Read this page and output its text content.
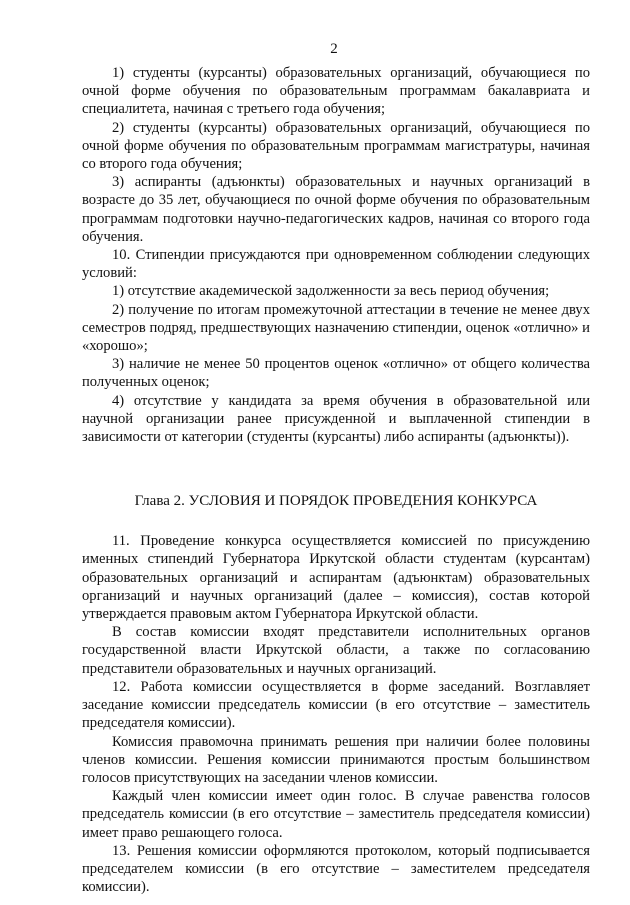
2

1) студенты (курсанты) образовательных организаций, обучающиеся по очной форме обучения по образовательным программам бакалавриата и специалитета, начиная с третьего года обучения;

2) студенты (курсанты) образовательных организаций, обучающиеся по очной форме обучения по образовательным программам магистратуры, начиная со второго года обучения;

3) аспиранты (адъюнкты) образовательных и научных организаций в возрасте до 35 лет, обучающиеся по очной форме обучения по образовательным программам подготовки научно-педагогических кадров, начиная со второго года обучения.

10. Стипендии присуждаются при одновременном соблюдении следующих условий:

1) отсутствие академической задолженности за весь период обучения;

2) получение по итогам промежуточной аттестации в течение не менее двух семестров подряд, предшествующих назначению стипендии, оценок «отлично» и «хорошо»;

3) наличие не менее 50 процентов оценок «отлично» от общего количества полученных оценок;

4) отсутствие у кандидата за время обучения в образовательной или научной организации ранее присужденной и выплаченной стипендии в зависимости от категории (студенты (курсанты) либо аспиранты (адъюнкты)).

Глава 2. УСЛОВИЯ И ПОРЯДОК ПРОВЕДЕНИЯ КОНКУРСА

11. Проведение конкурса осуществляется комиссией по присуждению именных стипендий Губернатора Иркутской области студентам (курсантам) образовательных организаций и аспирантам (адъюнктам) образовательных организаций и научных организаций (далее – комиссия), состав которой утверждается правовым актом Губернатора Иркутской области.

В состав комиссии входят представители исполнительных органов государственной власти Иркутской области, а также по согласованию представители образовательных и научных организаций.

12. Работа комиссии осуществляется в форме заседаний. Возглавляет заседание комиссии председатель комиссии (в его отсутствие – заместитель председателя комиссии).

Комиссия правомочна принимать решения при наличии более половины членов комиссии. Решения комиссии принимаются простым большинством голосов присутствующих на заседании членов комиссии.

Каждый член комиссии имеет один голос. В случае равенства голосов председатель комиссии (в его отсутствие – заместитель председателя комиссии) имеет право решающего голоса.

13. Решения комиссии оформляются протоколом, который подписывается председателем комиссии (в его отсутствие – заместителем председателя комиссии).
